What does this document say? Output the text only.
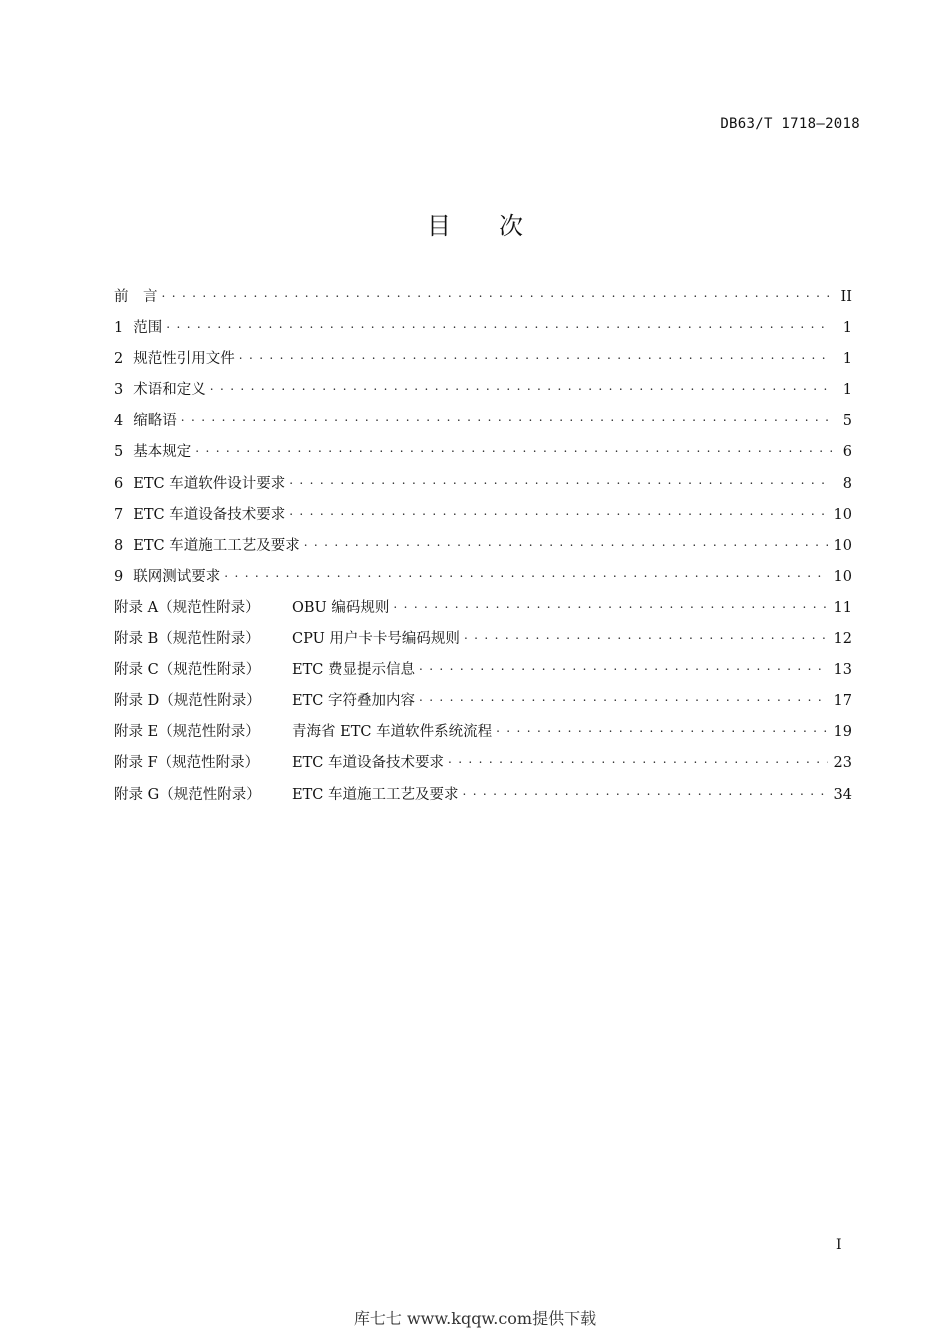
DB63/T 1718—2018
目次
前　言 . . .	II
1 范围 . . .	1
2 规范性引用文件 . . .	1
3 术语和定义 . . .	1
4 缩略语 . . .	5
5 基本规定 . . .	6
6 ETC 车道软件设计要求 . . .	8
7 ETC 车道设备技术要求 . . .	10
8 ETC 车道施工工艺及要求 . . .	10
9 联网测试要求 . . .	10
附录 A（规范性附录）	OBU 编码规则 . . .	11
附录 B（规范性附录）	CPU 用户卡卡号编码规则 . . .	12
附录 C（规范性附录）	ETC 费显提示信息 . . .	13
附录 D（规范性附录）	ETC 字符叠加内容 . . .	17
附录 E（规范性附录）	青海省 ETC 车道软件系统流程 . . .	19
附录 F（规范性附录）	ETC 车道设备技术要求 . . .	23
附录 G（规范性附录）	ETC 车道施工工艺及要求 . . .	34
I
库七七 www.kqqw.com提供下载
